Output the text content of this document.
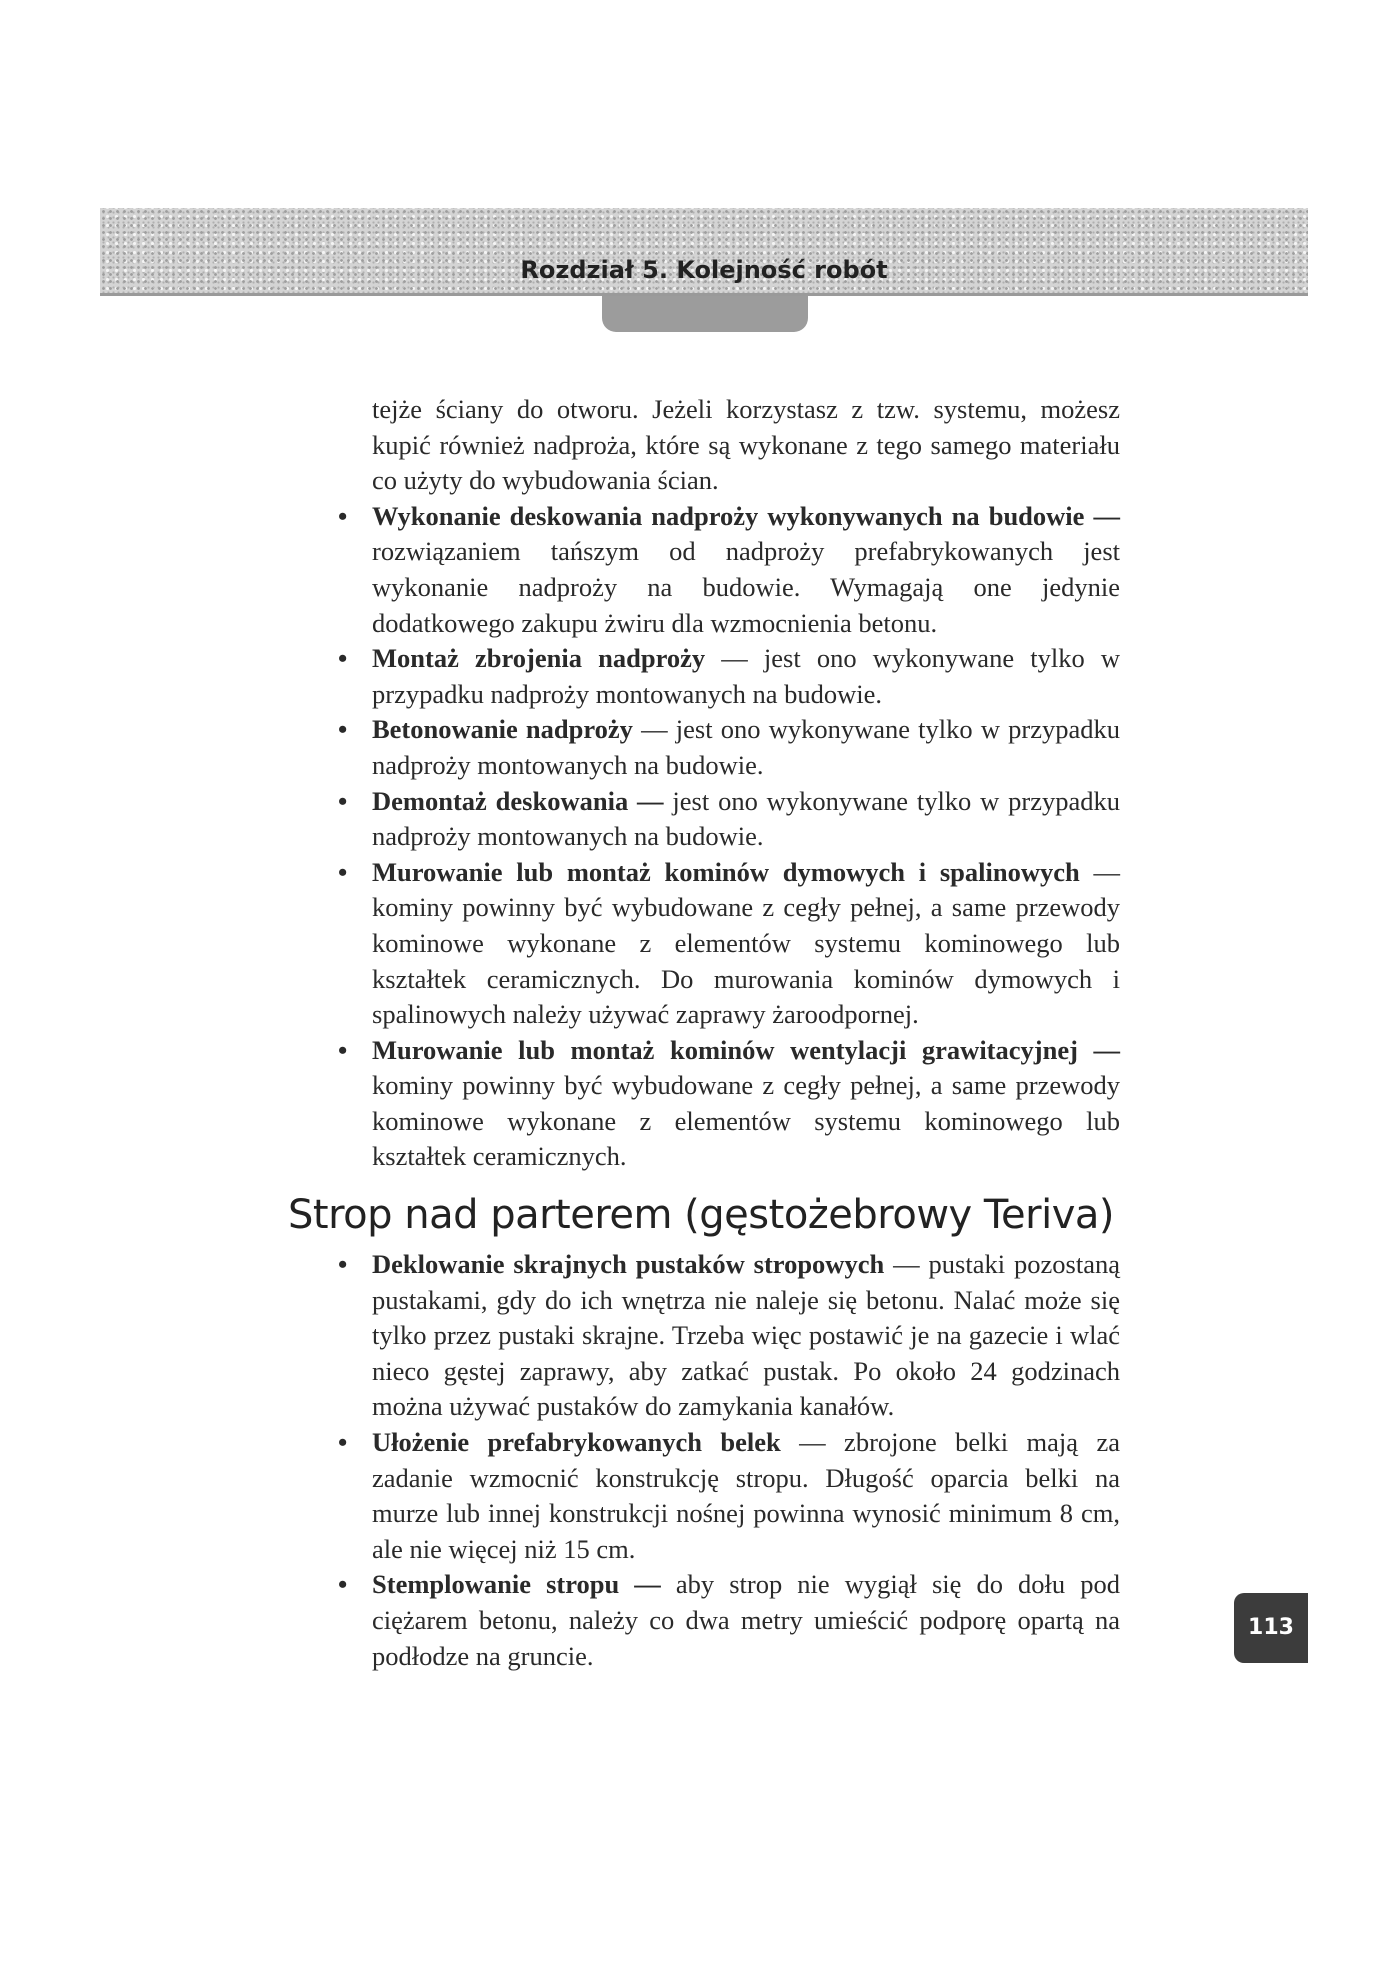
Rozdział 5. Kolejność robót

tejże ściany do otworu. Jeżeli korzystasz z tzw. systemu, możesz kupić również nadproża, które są wykonane z tego samego materiału co użyty do wybudowania ścian.

• Wykonanie deskowania nadproży wykonywanych na budowie — rozwiązaniem tańszym od nadproży prefabrykowanych jest wykonanie nadproży na budowie. Wymagają one jedynie dodatkowego zakupu żwiru dla wzmocnienia betonu.
• Montaż zbrojenia nadproży — jest ono wykonywane tylko w przypadku nadproży montowanych na budowie.
• Betonowanie nadproży — jest ono wykonywane tylko w przypadku nadproży montowanych na budowie.
• Demontaż deskowania — jest ono wykonywane tylko w przypadku nadproży montowanych na budowie.
• Murowanie lub montaż kominów dymowych i spalinowych — kominy powinny być wybudowane z cegły pełnej, a same przewody kominowe wykonane z elementów systemu kominowego lub kształtek ceramicznych. Do murowania kominów dymowych i spalinowych należy używać zaprawy żaroodpornej.
• Murowanie lub montaż kominów wentylacji grawitacyjnej — kominy powinny być wybudowane z cegły pełnej, a same przewody kominowe wykonane z elementów systemu kominowego lub kształtek ceramicznych.
Strop nad parterem (gęstożebrowy Teriva)
• Deklowanie skrajnych pustaków stropowych — pustaki pozostaną pustakami, gdy do ich wnętrza nie naleje się betonu. Nalać może się tylko przez pustaki skrajne. Trzeba więc postawić je na gazecie i wlać nieco gęstej zaprawy, aby zatkać pustak. Po około 24 godzinach można używać pustaków do zamykania kanałów.
• Ułożenie prefabrykowanych belek — zbrojone belki mają za zadanie wzmocnić konstrukcję stropu. Długość oparcia belki na murze lub innej konstrukcji nośnej powinna wynosić minimum 8 cm, ale nie więcej niż 15 cm.
• Stemplowanie stropu — aby strop nie wygiął się do dołu pod ciężarem betonu, należy co dwa metry umieścić podporę opartą na podłodze na gruncie.
113
